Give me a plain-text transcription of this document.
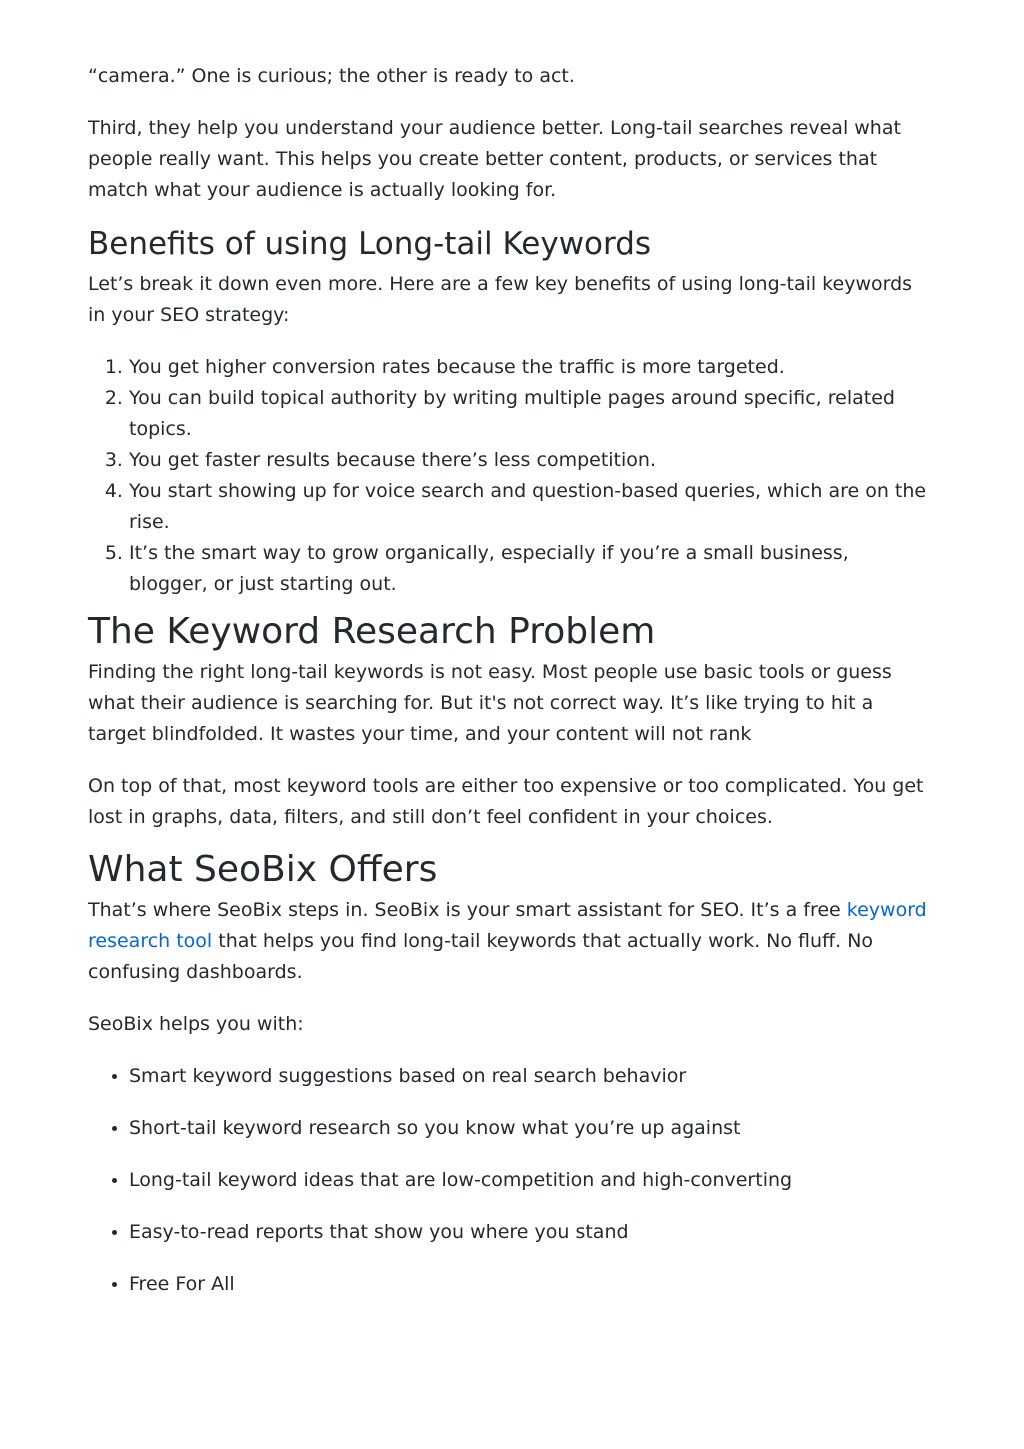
“camera.” One is curious; the other is ready to act.

Third, they help you understand your audience better. Long-tail searches reveal what people really want. This helps you create better content, products, or services that match what your audience is actually looking for.

Benefits of using Long-tail Keywords

Let’s break it down even more. Here are a few key benefits of using long-tail keywords in your SEO strategy:

1. You get higher conversion rates because the traffic is more targeted.
2. You can build topical authority by writing multiple pages around specific, related topics.
3. You get faster results because there’s less competition.
4. You start showing up for voice search and question-based queries, which are on the rise.
5. It’s the smart way to grow organically, especially if you’re a small business, blogger, or just starting out.
The Keyword Research Problem

Finding the right long-tail keywords is not easy. Most people use basic tools or guess what their audience is searching for. But it's not correct way. It’s like trying to hit a target blindfolded. It wastes your time, and your content will not rank

On top of that, most keyword tools are either too expensive or too complicated. You get lost in graphs, data, filters, and still don’t feel confident in your choices.

What SeoBix Offers

That’s where SeoBix steps in. SeoBix is your smart assistant for SEO. It’s a free keyword research tool that helps you find long-tail keywords that actually work. No fluff. No confusing dashboards.

SeoBix helps you with:

• Smart keyword suggestions based on real search behavior
• Short-tail keyword research so you know what you’re up against
• Long-tail keyword ideas that are low-competition and high-converting
• Easy-to-read reports that show you where you stand
• Free For All
